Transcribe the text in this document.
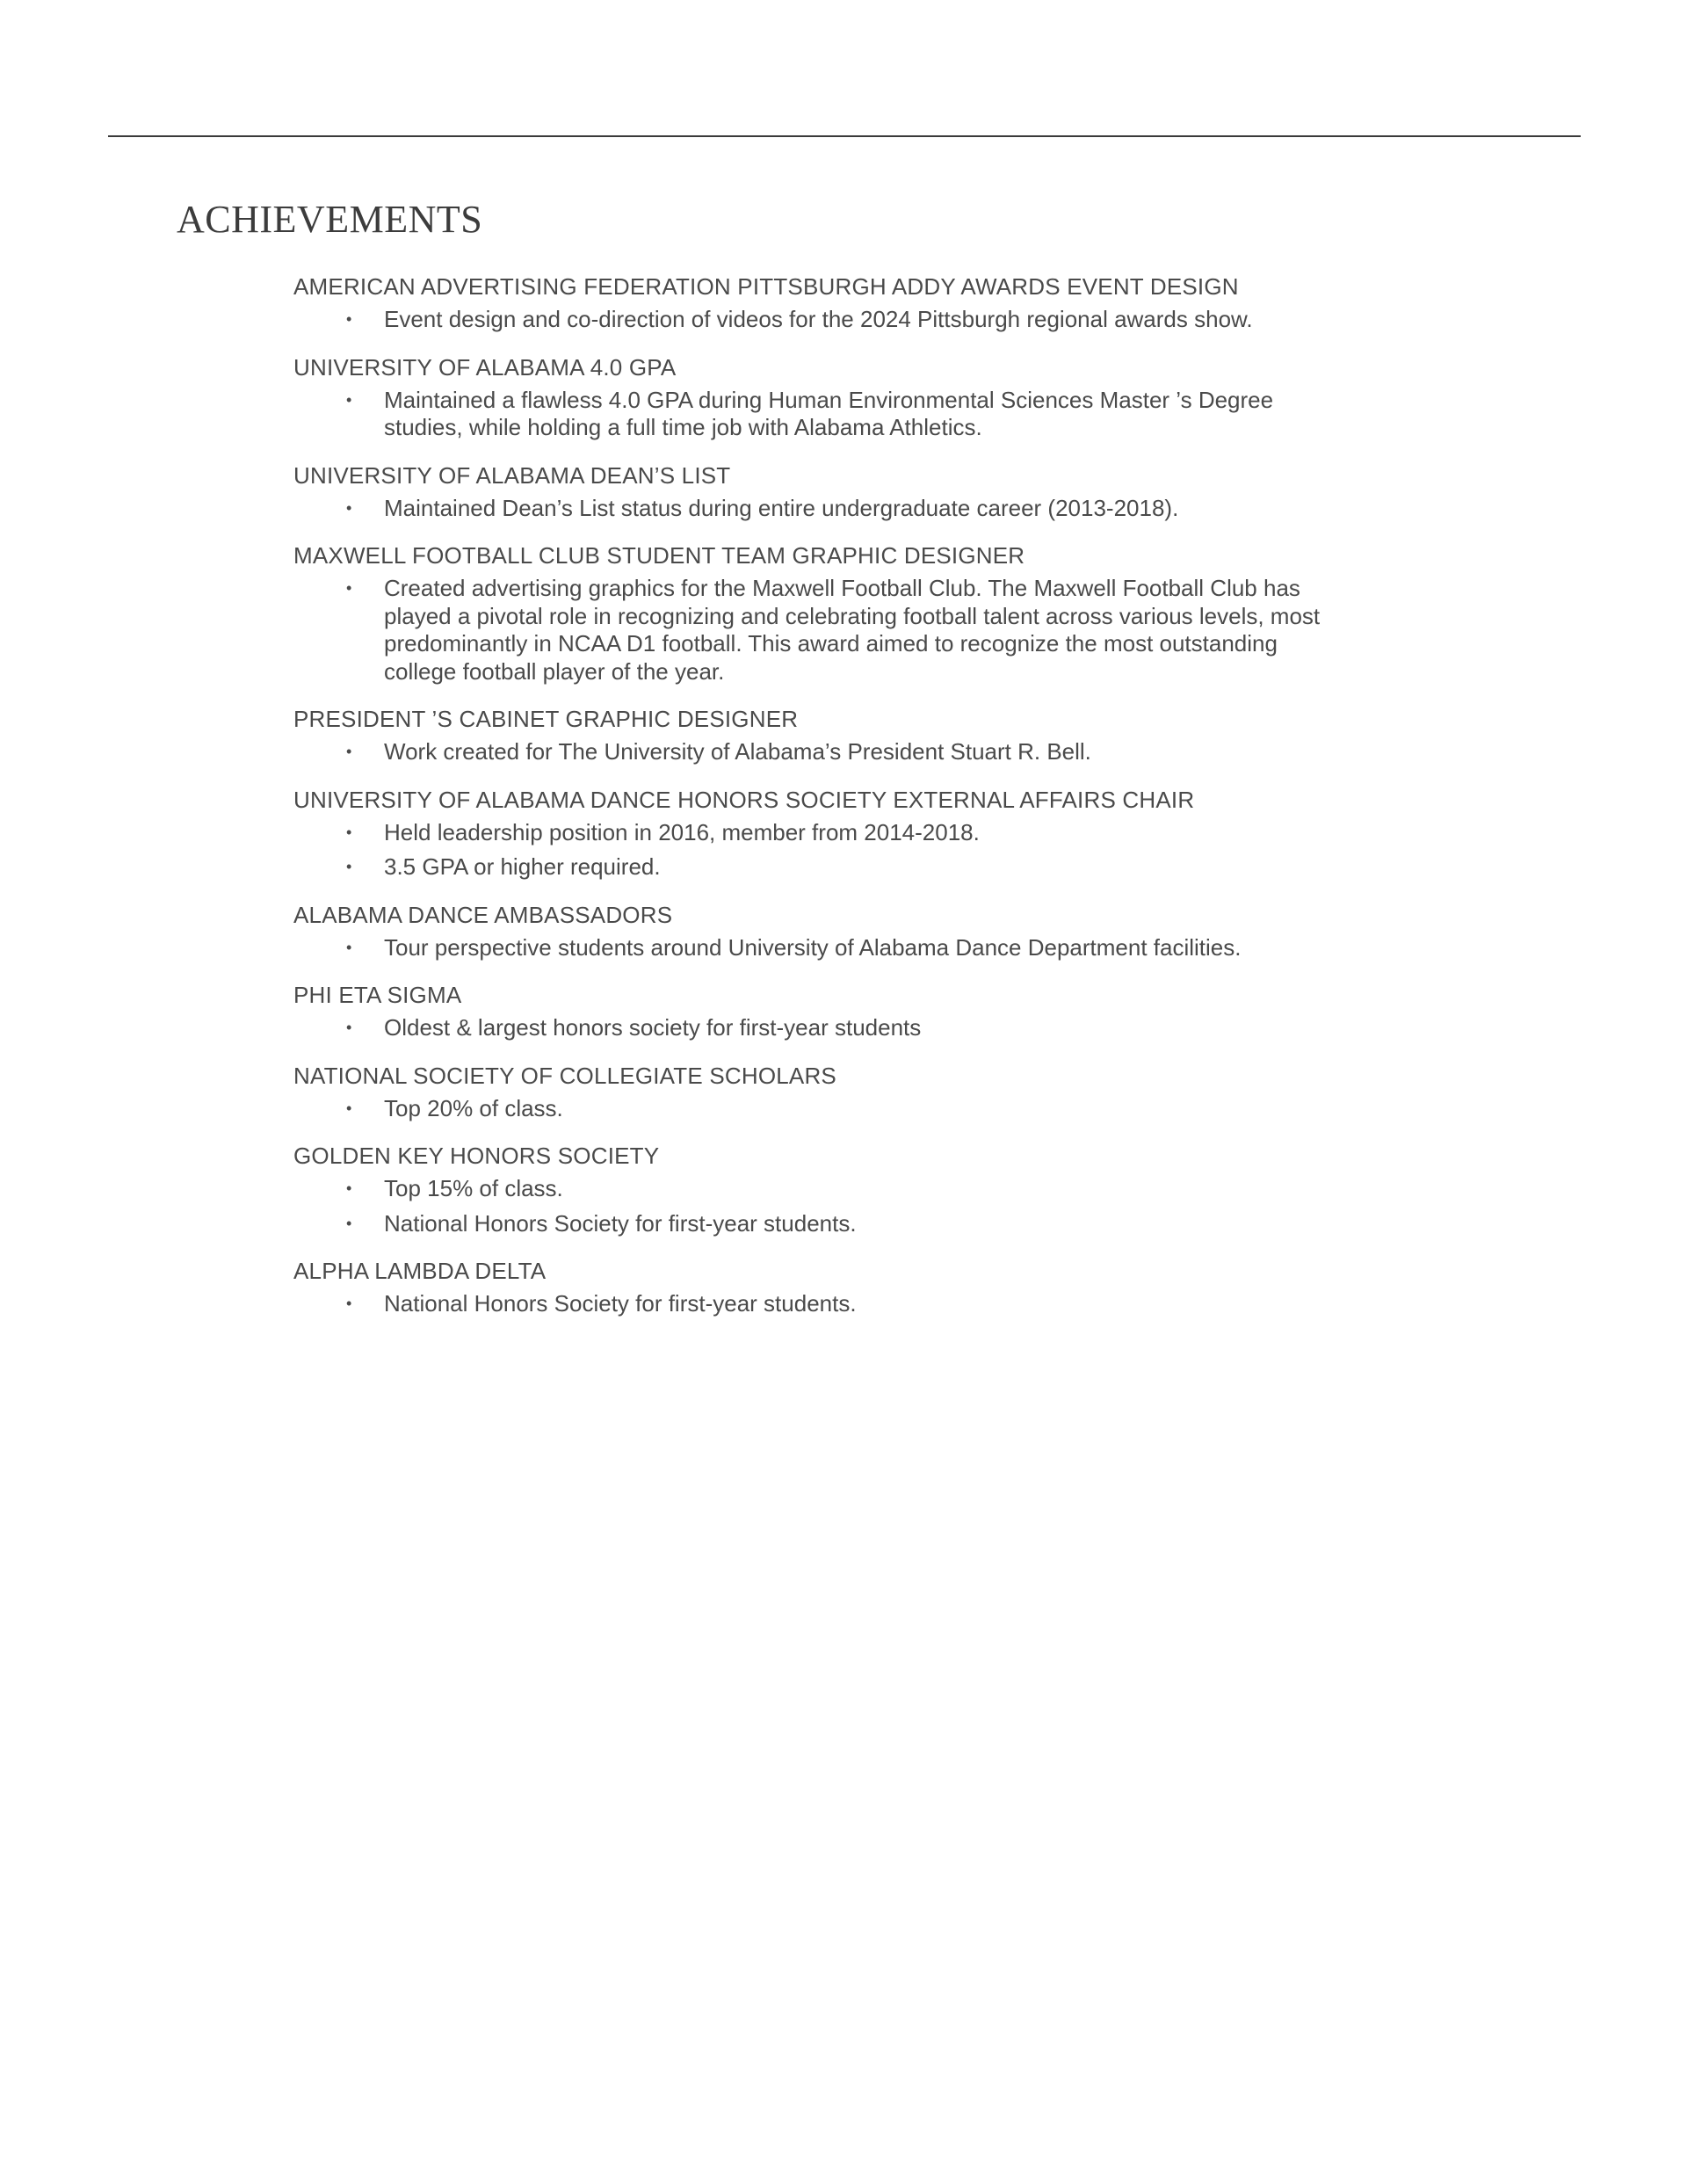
ACHIEVEMENTS
AMERICAN ADVERTISING FEDERATION PITTSBURGH ADDY AWARDS EVENT DESIGN
• Event design and co-direction of videos for the 2024 Pittsburgh regional awards show.
UNIVERSITY OF ALABAMA 4.0 GPA
• Maintained a flawless 4.0 GPA during Human Environmental Sciences Master ’s Degree studies, while holding a full time job with Alabama Athletics.
UNIVERSITY OF ALABAMA DEAN’S LIST
• Maintained Dean’s List status during entire undergraduate career (2013-2018).
MAXWELL FOOTBALL CLUB STUDENT TEAM GRAPHIC DESIGNER
• Created advertising graphics for the Maxwell Football Club. The Maxwell Football Club has played a pivotal role in recognizing and celebrating football talent across various levels, most predominantly in NCAA D1 football. This award aimed to recognize the most outstanding college football player of the year.
PRESIDENT ’S CABINET GRAPHIC DESIGNER
• Work created for The University of Alabama’s President Stuart R. Bell.
UNIVERSITY OF ALABAMA DANCE HONORS SOCIETY EXTERNAL AFFAIRS CHAIR
• Held leadership position in 2016, member from 2014-2018.
• 3.5 GPA or higher required.
ALABAMA DANCE AMBASSADORS
• Tour perspective students around University of Alabama Dance Department facilities.
PHI ETA SIGMA
• Oldest & largest honors society for first-year students
NATIONAL SOCIETY OF COLLEGIATE SCHOLARS
• Top 20% of class.
GOLDEN KEY HONORS SOCIETY
• Top 15% of class.
• National Honors Society for first-year students.
ALPHA LAMBDA DELTA
• National Honors Society for first-year students.
